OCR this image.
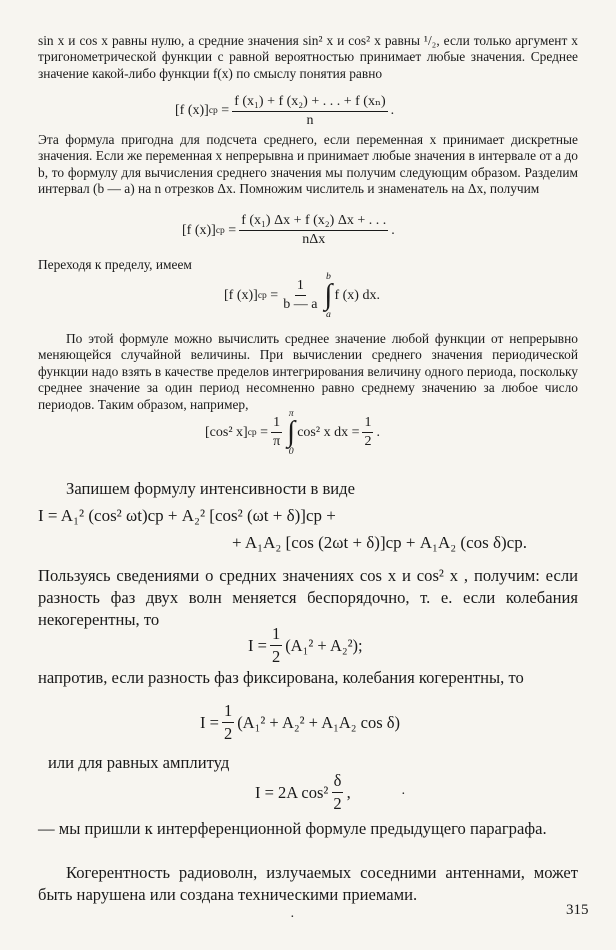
sin x и cos x равны нулю, а средние значения sin² x и cos² x равны ¹/₂, если только аргумент x тригонометрической функции с равной вероятностью принимает любые значения. Среднее значение какой-либо функции f(x) по смыслу понятия равно

[f (x)] ср = $\frac{\text{f (x₁) + f (x₂) + . . . + f (xₙ)}}{n}$ .

Эта формула пригодна для подсчета среднего, если переменная x принимает дискретные значения. Если же переменная x непрерывна и принимает любые значения в интервале от a до b, то формулу для вычисления среднего значения мы получим следующим образом. Разделим интервал (b — a) на n отрезков Δx. Помножим числитель и знаменатель на Δx, получим

[f (x)] ср = $\frac{\text{f (x₁) Δx + f (x₂) Δx + . . .}}{\text{nΔx}}$ .

Переходя к пределу, имеем

[f (x)] ср = $\frac{1}{b — a}$
b
∫
a
f (x) dx.

По этой формуле можно вычислить среднее значение любой функции от непрерывно меняющейся случайной величины. При вычислении среднего значения периодической функции надо взять в качестве пределов интегрирования величину одного периода, поскольку среднее значение за один период несомненно равно среднему значению за любое число периодов. Таким образом, например,

[cos² x] ср = $\frac{1}{\pi}$
π
∫
0
cos² x dx = $\frac{1}{2}$ .

Запишем формулу интенсивности в виде

I = A₁² (cos² ωt)ср + A₂² [cos² (ωt + δ)]ср +
+ A₁A₂ [cos (2ωt + δ)]ср + A₁A₂ (cos δ)ср.

Пользуясь сведениями о средних значениях cos x и cos² x , получим: если разность фаз двух волн меняется беспорядочно, т. е. если колебания некогерентны, то

$I = \frac{1}{2} (A_1^2 + A_2^2)$;

напротив, если разность фаз фиксирована, колебания когерентны, то

$I = \frac{1}{2} (A_1^2 + A_2^2 + A_1A_2$ cos δ)

или для равных амплитуд

I = 2A $\cos^2 \frac{\delta}{2}$ ,	·

— мы пришли к интерференционной формуле предыдущего параграфа.

Когерентность радиоволн, излучаемых соседними антеннами, может быть нарушена или создана техническими приемами.

·	315
